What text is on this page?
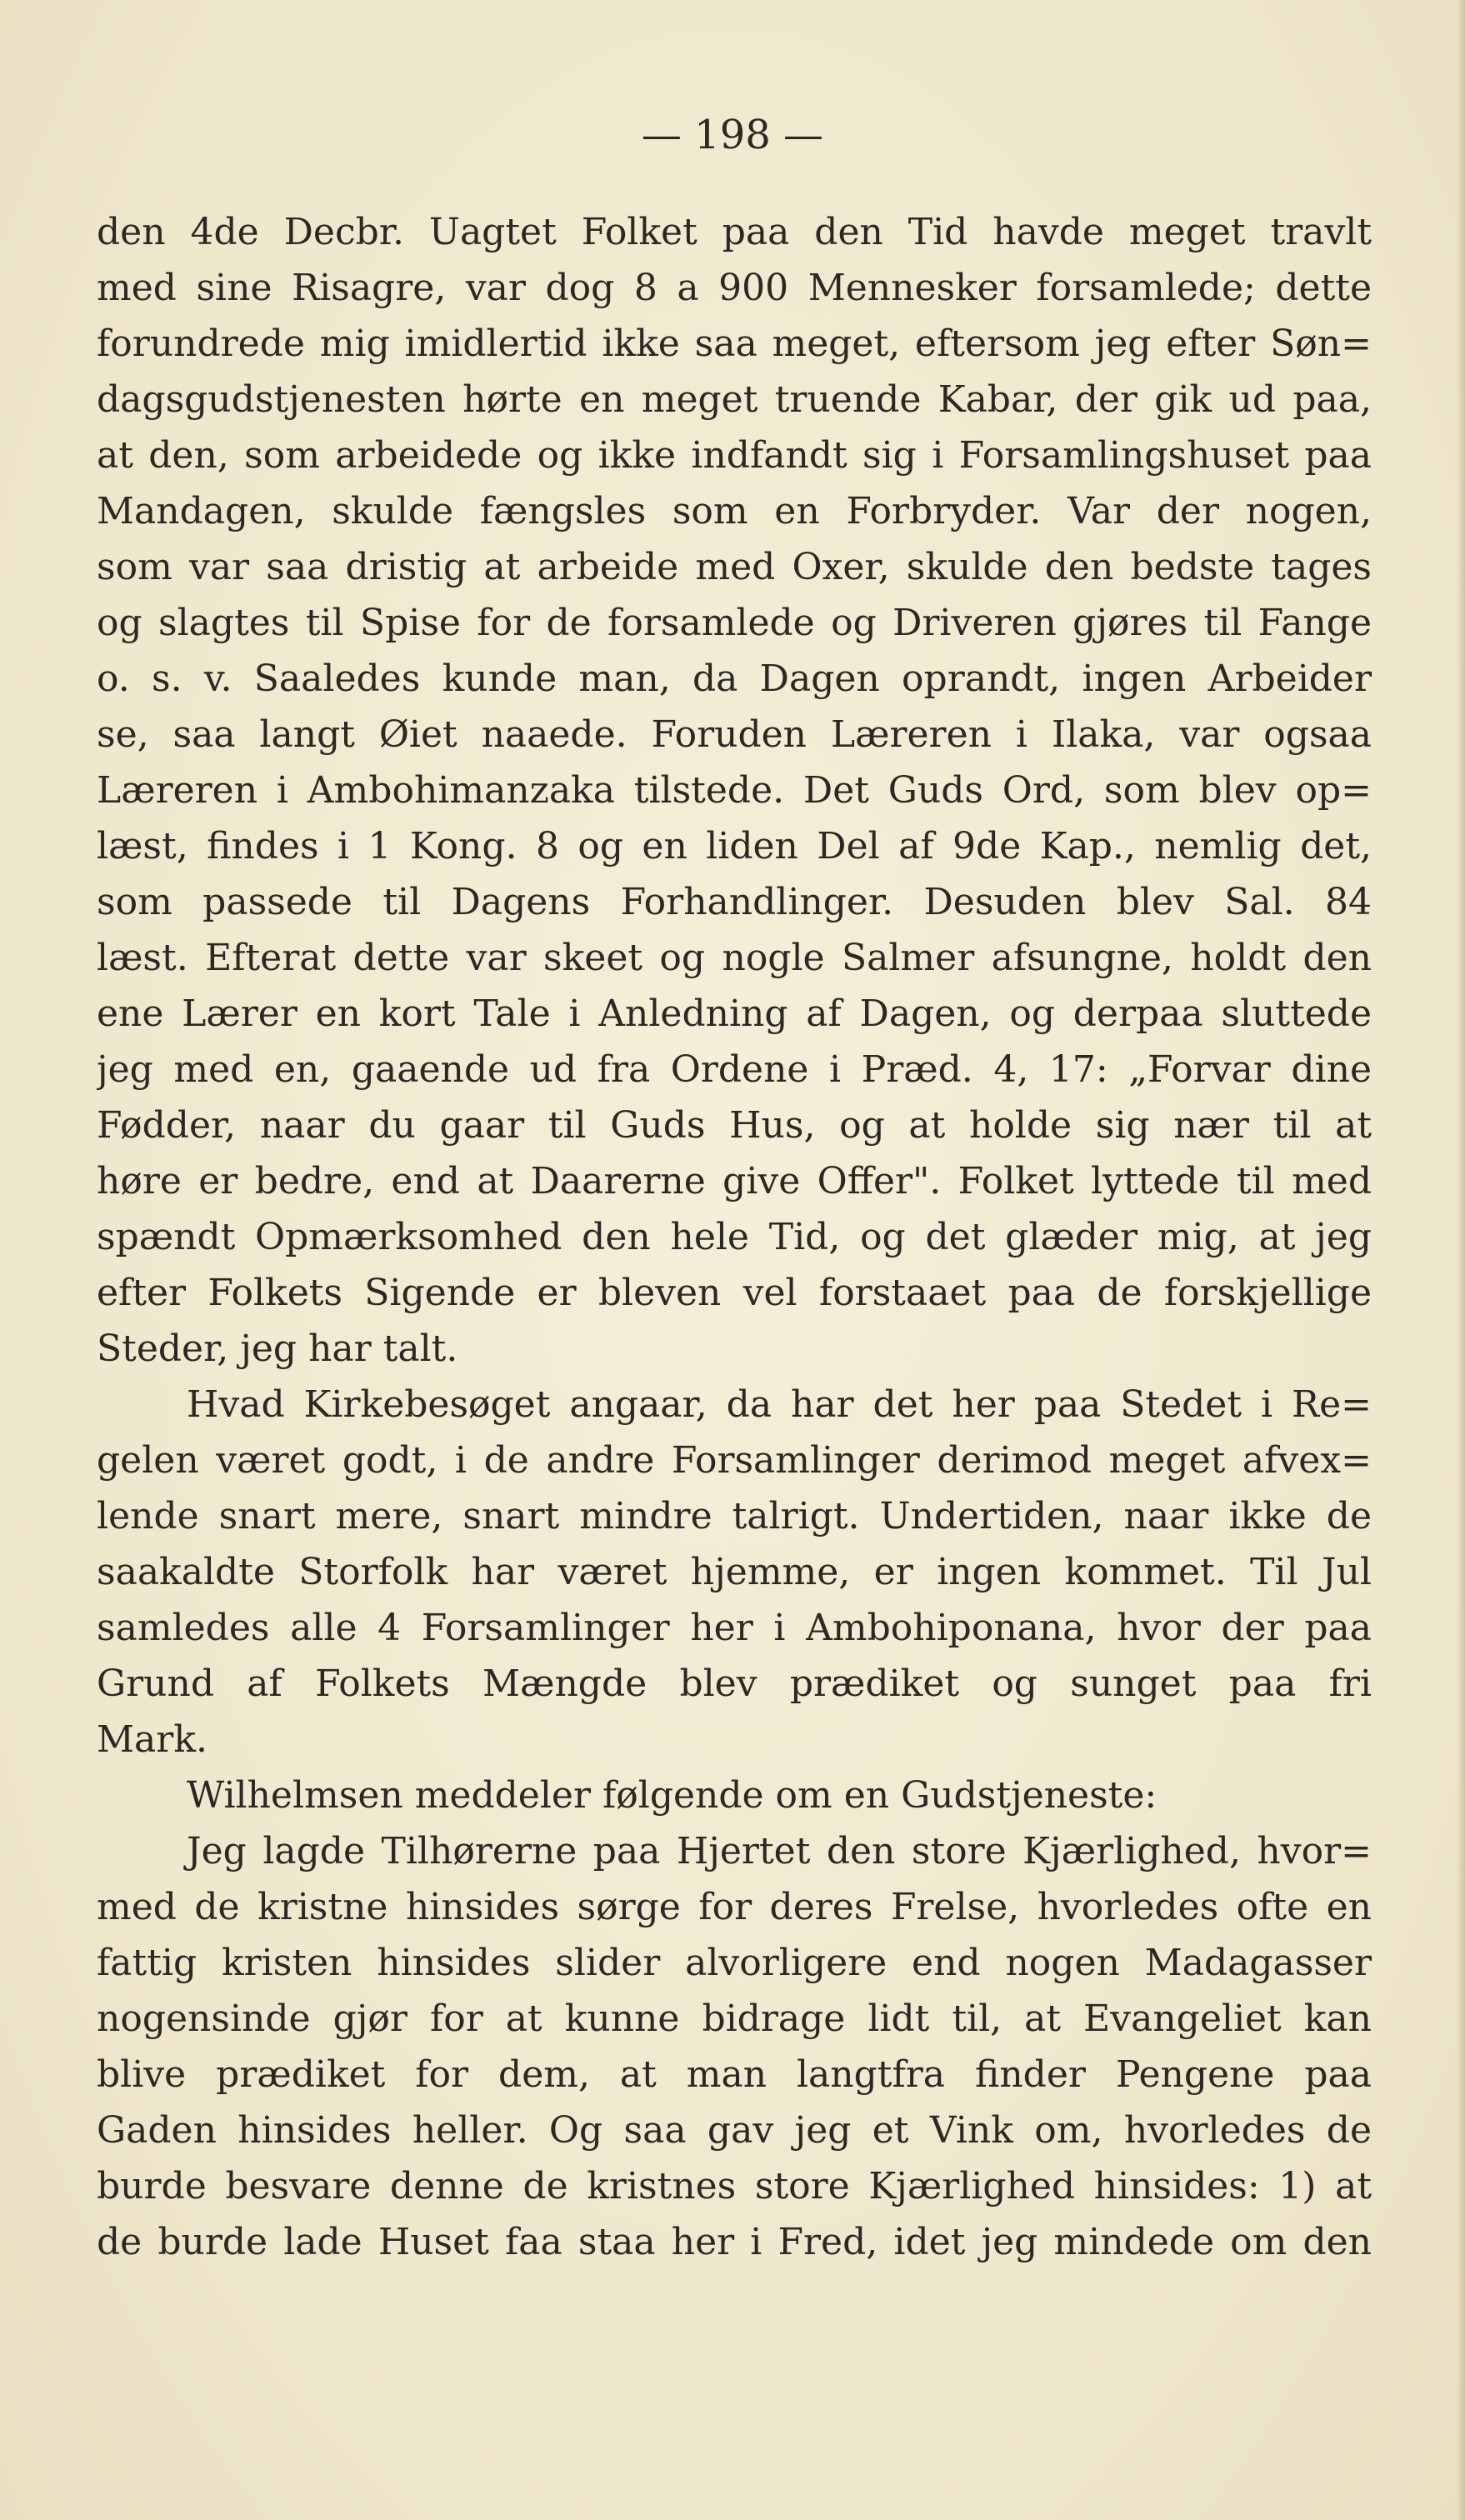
— 198 —
den 4de Decbr. Uagtet Folket paa den Tid havde meget travlt
med sine Risagre, var dog 8 a 900 Mennesker forsamlede; dette
forundrede mig imidlertid ikke saa meget, eftersom jeg efter Søn=
dagsgudstjenesten hørte en meget truende Kabar, der gik ud paa,
at den, som arbeidede og ikke indfandt sig i Forsamlingshuset paa
Mandagen, skulde fængsles som en Forbryder. Var der nogen,
som var saa dristig at arbeide med Oxer, skulde den bedste tages
og slagtes til Spise for de forsamlede og Driveren gjøres til Fange
o. s. v. Saaledes kunde man, da Dagen oprandt, ingen Arbeider
se, saa langt Øiet naaede. Foruden Læreren i Ilaka, var ogsaa
Læreren i Ambohimanzaka tilstede. Det Guds Ord, som blev op=
læst, findes i 1 Kong. 8 og en liden Del af 9de Kap., nemlig det,
som passede til Dagens Forhandlinger. Desuden blev Sal. 84
læst. Efterat dette var skeet og nogle Salmer afsungne, holdt den
ene Lærer en kort Tale i Anledning af Dagen, og derpaa sluttede
jeg med en, gaaende ud fra Ordene i Præd. 4, 17: „Forvar dine
Fødder, naar du gaar til Guds Hus, og at holde sig nær til at
høre er bedre, end at Daarerne give Offer". Folket lyttede til med
spændt Opmærksomhed den hele Tid, og det glæder mig, at jeg
efter Folkets Sigende er bleven vel forstaaet paa de forskjellige
Steder, jeg har talt.
Hvad Kirkebesøget angaar, da har det her paa Stedet i Re=
gelen været godt, i de andre Forsamlinger derimod meget afvex=
lende snart mere, snart mindre talrigt. Undertiden, naar ikke de
saakaldte Storfolk har været hjemme, er ingen kommet. Til Jul
samledes alle 4 Forsamlinger her i Ambohiponana, hvor der paa
Grund af Folkets Mængde blev prædiket og sunget paa fri
Mark.
Wilhelmsen meddeler følgende om en Gudstjeneste:
Jeg lagde Tilhørerne paa Hjertet den store Kjærlighed, hvor=
med de kristne hinsides sørge for deres Frelse, hvorledes ofte en
fattig kristen hinsides slider alvorligere end nogen Madagasser
nogensinde gjør for at kunne bidrage lidt til, at Evangeliet kan
blive prædiket for dem, at man langtfra finder Pengene paa
Gaden hinsides heller. Og saa gav jeg et Vink om, hvorledes de
burde besvare denne de kristnes store Kjærlighed hinsides: 1) at
de burde lade Huset faa staa her i Fred, idet jeg mindede om den
